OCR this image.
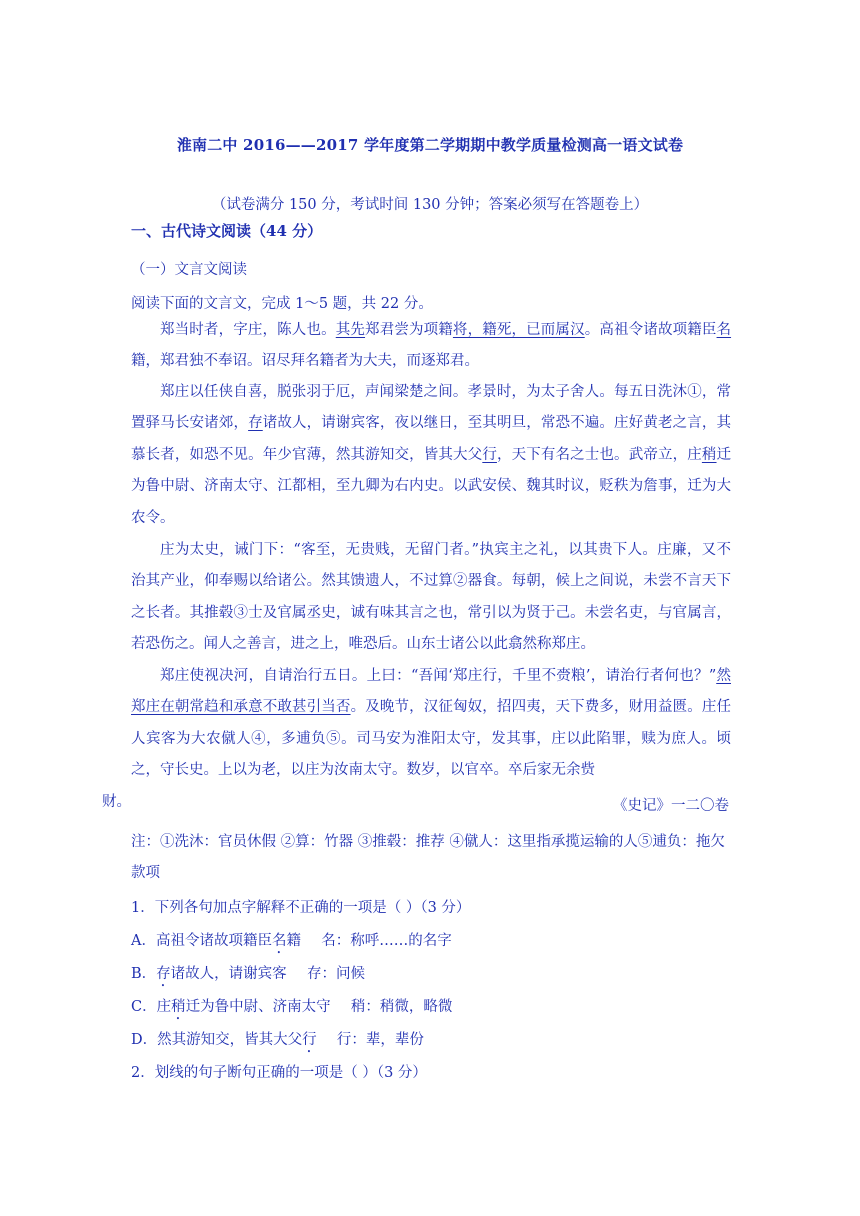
淮南二中 2016——2017 学年度第二学期期中教学质量检测高一语文试卷
（试卷满分 150 分，考试时间 130 分钟；答案必须写在答题卷上）
一、古代诗文阅读（44 分）
（一）文言文阅读
阅读下面的文言文，完成 1～5 题，共 22 分。
郑当时者，字庄，陈人也。其先郑君尝为项籍将，籍死，已而属汉。高祖令诸故项籍臣名籍，郑君独不奉诏。诏尽拜名籍者为大夫，而逐郑君。
郑庄以任侠自喜，脱张羽于厄，声闻梁楚之间。孝景时，为太子舍人。每五日洗沐①，常置驿马长安诸郊，存诸故人，请谢宾客，夜以继日，至其明旦，常恐不遍。庄好黄老之言，其慕长者，如恐不见。年少官薄，然其游知交，皆其大父行，天下有名之士也。武帝立，庄稍迁为鲁中尉、济南太守、江都相，至九卿为右内史。以武安侯、魏其时议，贬秩为詹事，迁为大农令。
庄为太史，诫门下：“客至，无贵贱，无留门者。”执宾主之礼，以其贵下人。庄廉，又不治其产业，仰奉赐以给诸公。然其馈遗人，不过算②器食。每朝，候上之间说，未尝不言天下之长者。其推毂③士及官属丞史，诚有味其言之也，常引以为贤于己。未尝名吏，与官属言，若恐伤之。闻人之善言，进之上，唯恐后。山东士诸公以此翕然称郑庄。
郑庄使视决河，自请治行五日。上曰：“吾闻‘郑庄行，千里不赍粮’，请治行者何也？”然郑庄在朝常趋和承意不敢甚引当否。及晚节，汉征匈奴，招四夷，天下费多，财用益匮。庄任人宾客为大农僦人④，多逋负⑤。司马安为淮阳太守，发其事，庄以此陷罪，赎为庶人。顷之，守长史。上以为老，以庄为汝南太守。数岁，以官卒。卒后家无余赀
财。	《史记》一二〇卷
注：①洗沐：官员休假 ②算：竹器 ③推毂：推荐 ④僦人：这里指承揽运输的人⑤逋负：拖欠款项
1．下列各句加点字解释不正确的一项是（ ）（3 分）
A．高祖令诸故项籍臣名籍 名：称呼……的名字
B．存诸故人，请谢宾客 存：问候
C．庄稍迁为鲁中尉、济南太守 稍：稍微，略微
D．然其游知交，皆其大父行 行：辈，辈份
2．划线的句子断句正确的一项是（ ）（3 分）
